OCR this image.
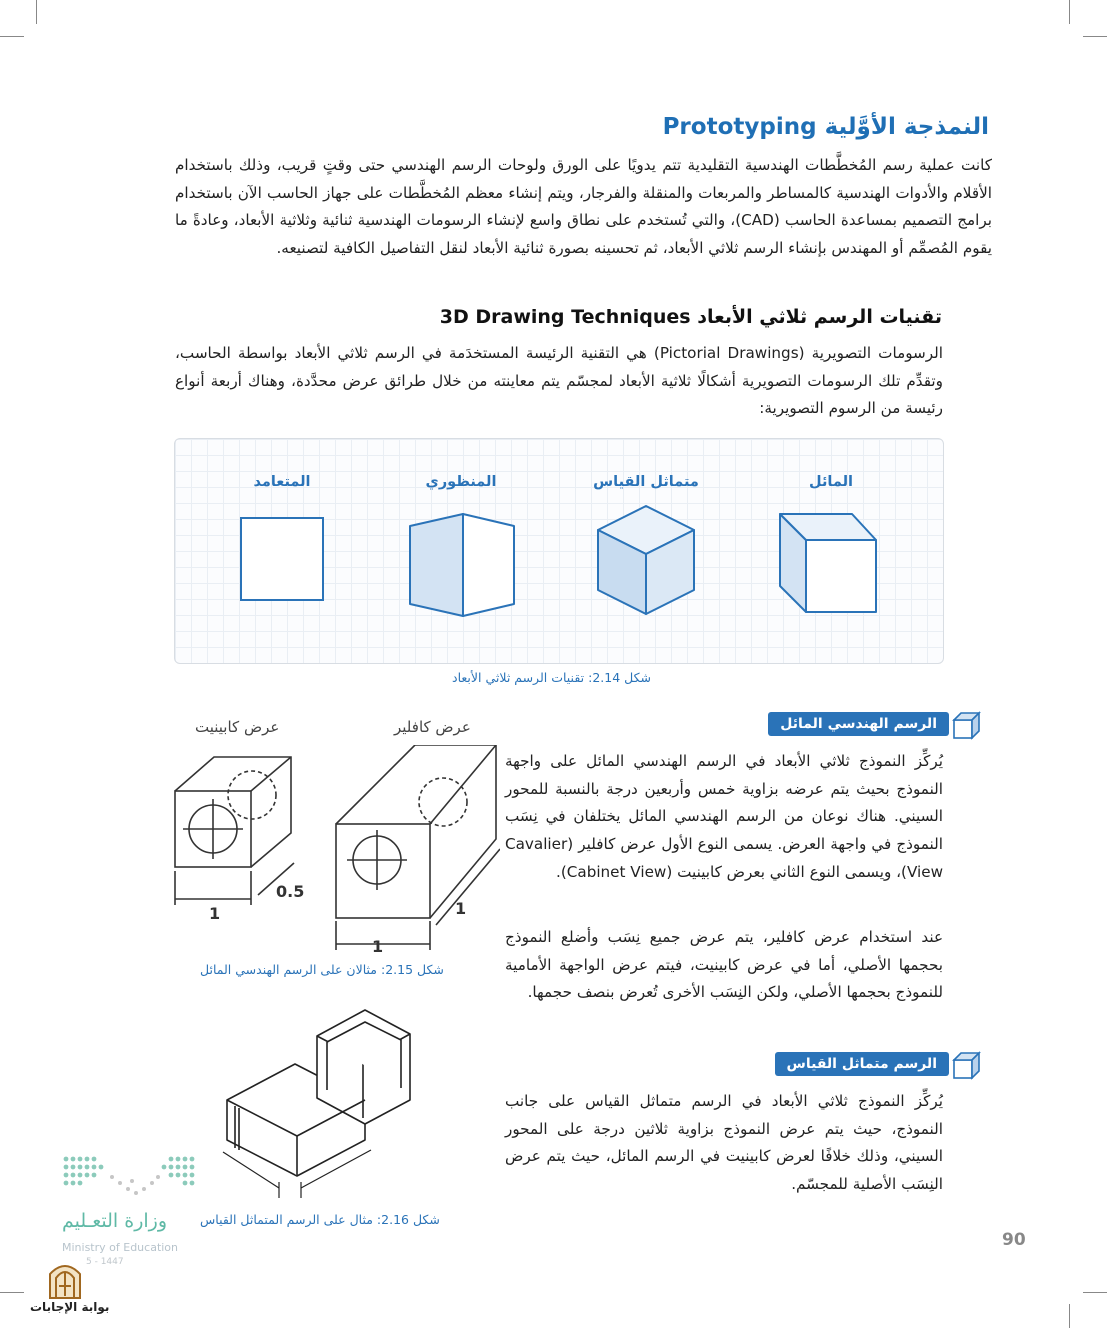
النمذجة الأوَّلية Prototyping
كانت عملية رسم المُخطَّطات الهندسية التقليدية تتم يدويًا على الورق ولوحات الرسم الهندسي حتى وقتٍ قريب، وذلك باستخدام الأقلام والأدوات الهندسية كالمساطر والمربعات والمنقلة والفرجار، ويتم إنشاء معظم المُخطَّطات على جهاز الحاسب الآن باستخدام برامج التصميم بمساعدة الحاسب (CAD)، والتي تُستخدم على نطاق واسع لإنشاء الرسومات الهندسية ثنائية وثلاثية الأبعاد، وعادةً ما يقوم المُصمِّم أو المهندس بإنشاء الرسم ثلاثي الأبعاد، ثم تحسينه بصورة ثنائية الأبعاد لنقل التفاصيل الكافية لتصنيعه.
تقنيات الرسم ثلاثي الأبعاد 3D Drawing Techniques
الرسومات التصويرية (Pictorial Drawings) هي التقنية الرئيسة المستخدَمة في الرسم ثلاثي الأبعاد بواسطة الحاسب، وتقدِّم تلك الرسومات التصويرية أشكالًا ثلاثية الأبعاد لمجسّم يتم معاينته من خلال طرائق عرض محدَّدة، وهناك أربعة أنواع رئيسة من الرسوم التصويرية:
المائل
متماثل القياس
المنظوري
المتعامد
شكل 2.14: تقنيات الرسم ثلاثي الأبعاد
الرسم الهندسي المائل
يُركِّز النموذج ثلاثي الأبعاد في الرسم الهندسي المائل على واجهة النموذج بحيث يتم عرضه بزاوية خمس وأربعين درجة بالنسبة للمحور السيني. هناك نوعان من الرسم الهندسي المائل يختلفان في نِسَب النموذج في واجهة العرض. يسمى النوع الأول عرض كافلير (Cavalier View)، ويسمى النوع الثاني بعرض كابينيت (Cabinet View).
عند استخدام عرض كافلير، يتم عرض جميع نِسَب وأضلع النموذج بحجمها الأصلي، أما في عرض كابينيت، فيتم عرض الواجهة الأمامية للنموذج بحجمها الأصلي، ولكن النِسَب الأخرى تُعرض بنصف حجمها.
عرض كافلير
عرض كابينيت
1
0.5
1
1
شكل 2.15: مثالان على الرسم الهندسي المائل
الرسم متماثل القياس
يُركِّز النموذج ثلاثي الأبعاد في الرسم متماثل القياس على جانب النموذج، حيث يتم عرض النموذج بزاوية ثلاثين درجة على المحور السيني، وذلك خلافًا لعرض كابينيت في الرسم المائل، حيث يتم عرض النِسَب الأصلية للمجسّم.
شكل 2.16: مثال على الرسم المتماثل القياس
90
وزارة التعـليم
Ministry of Education
5 - 1447
بوابة الإجابات
